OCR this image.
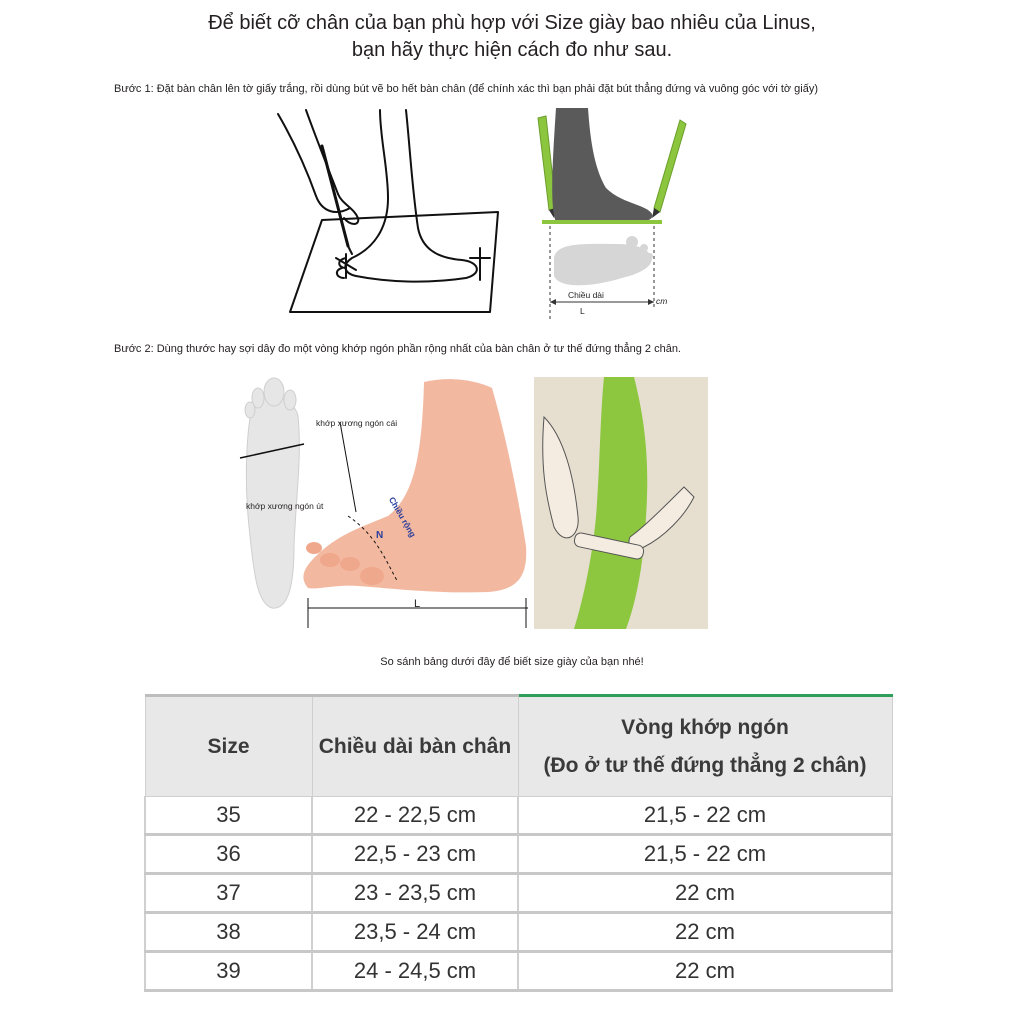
Để biết cỡ chân của bạn phù hợp với Size giày bao nhiêu của Linus,
bạn hãy thực hiện cách đo như sau.
Bước 1: Đặt bàn chân lên tờ giấy trắng, rồi dùng bút vẽ bo hết bàn chân (để chính xác thì bạn phải đặt bút thẳng đứng và vuông góc với tờ giấy)
Chiều dài
L
cm
Bước 2: Dùng thước hay sợi dây đo một vòng khớp ngón phần rộng nhất của bàn chân ở tư thế đứng thẳng 2 chân.
khớp xương ngón cái
khớp xương ngón út	Chiều rộng
N
L
So sánh bảng dưới đây để biết size giày của bạn nhé!
Size	Chiều dài bàn chân	Vòng khớp ngón
(Đo ở tư thế đứng thẳng 2 chân)

35	22 - 22,5 cm	21,5 - 22 cm
36	22,5 - 23 cm	21,5 - 22 cm
37	23 - 23,5 cm	22 cm
38	23,5 - 24 cm	22 cm
39	24 - 24,5 cm	22 cm
